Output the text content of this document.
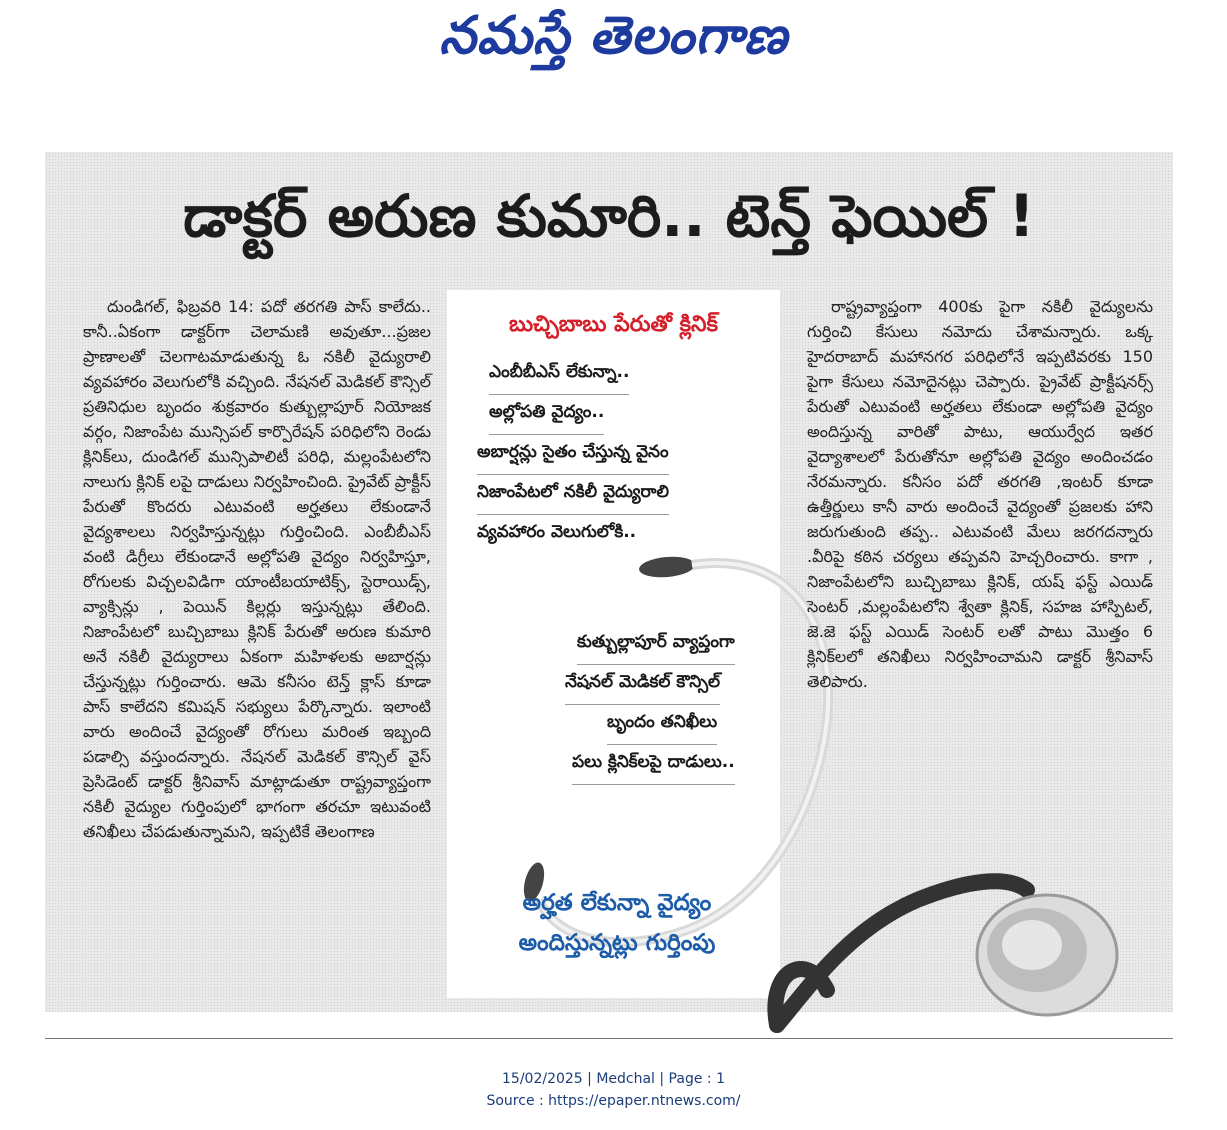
నమస్తే తెలంగాణ
డాక్టర్ అరుణ కుమారి.. టెన్త్ ఫెయిల్ !

దుండిగల్, ఫిబ్రవరి 14: పదో తరగతి పాస్ కాలేదు.. కానీ..ఏకంగా డాక్టర్‌గా చెలామణి అవుతూ...ప్రజల ప్రాణాలతో చెలగాటమాడుతున్న ఓ నకిలీ వైద్యురాలి వ్యవహారం వెలుగులోకి వచ్చింది. నేషనల్ మెడికల్ కౌన్సిల్ ప్రతినిధుల బృందం శుక్రవారం కుత్బుల్లాపూర్ నియోజక వర్గం, నిజాంపేట మున్సిపల్ కార్పొరేషన్ పరిధిలోని రెండు క్లినిక్‌లు, దుండిగల్ మున్సిపాలిటీ పరిధి, మల్లంపేటలోని నాలుగు క్లినిక్ లపై దాడులు నిర్వహించింది. ప్రైవేట్ ప్రాక్టీస్ పేరుతో కొందరు ఎటువంటి అర్హతలు లేకుండానే వైద్యశాలలు నిర్వహిస్తున్నట్లు గుర్తించింది. ఎంబీబీఎస్ వంటి డిగ్రీలు లేకుండానే అల్లోపతి వైద్యం నిర్వహిస్తూ, రోగులకు విచ్చలవిడిగా యాంటీబయాటిక్స్, స్టెరాయిడ్స్, వ్యాక్సిన్లు , పెయిన్ కిల్లర్లు ఇస్తున్నట్లు తేలింది. నిజాంపేటలో బుచ్చిబాబు క్లినిక్ పేరుతో అరుణ కుమారి అనే నకిలీ వైద్యురాలు ఏకంగా మహిళలకు అబార్షన్లు చేస్తున్నట్లు గుర్తించారు. ఆమె కనీసం టెన్త్ క్లాస్ కూడా పాస్ కాలేదని కమిషన్ సభ్యులు పేర్కొన్నారు. ఇలాంటి వారు అందించే వైద్యంతో రోగులు మరింత ఇబ్బంది పడాల్సి వస్తుందన్నారు. నేషనల్ మెడికల్ కౌన్సిల్ వైస్ ప్రెసిడెంట్ డాక్టర్ శ్రీనివాస్ మాట్లాడుతూ రాష్ట్రవ్యాప్తంగా నకిలీ వైద్యుల గుర్తింపులో భాగంగా తరచూ ఇటువంటి తనిఖీలు చేపడుతున్నామని, ఇప్పటికే తెలంగాణ

బుచ్చిబాబు పేరుతో క్లినిక్
ఎంబీబీఎస్ లేకున్నా..
అల్లోపతి వైద్యం..
అబార్షన్లు సైతం చేస్తున్న వైనం
నిజాంపేటలో నకిలీ వైద్యురాలి
వ్యవహారం వెలుగులోకి..
కుత్బుల్లాపూర్ వ్యాప్తంగా
నేషనల్ మెడికల్ కౌన్సిల్
బృందం తనిఖీలు
పలు క్లినిక్‌లపై దాడులు..
అర్హత లేకున్నా వైద్యం
అందిస్తున్నట్లు గుర్తింపు

రాష్ట్రవ్యాప్తంగా 400కు పైగా నకిలీ వైద్యులను గుర్తించి కేసులు నమోదు చేశామన్నారు. ఒక్క హైదరాబాద్ మహానగర పరిధిలోనే ఇప్పటివరకు 150 పైగా కేసులు నమోదైనట్లు చెప్పారు. ప్రైవేట్ ప్రాక్టీషనర్స్ పేరుతో ఎటువంటి అర్హతలు లేకుండా అల్లోపతి వైద్యం అందిస్తున్న వారితో పాటు, ఆయుర్వేద ఇతర వైద్యాశాలలో పేరుతోనూ అల్లోపతి వైద్యం అందించడం నేరమన్నారు. కనీసం పదో తరగతి ,ఇంటర్ కూడా ఉత్తీర్ణులు కానీ వారు అందించే వైద్యంతో ప్రజలకు హాని జరుగుతుంది తప్ప.. ఎటువంటి మేలు జరగదన్నారు .వీరిపై కఠిన చర్యలు తప్పవని హెచ్చరించారు. కాగా , నిజాంపేటలోని బుచ్చిబాబు క్లినిక్, యష్ ఫస్ట్ ఎయిడ్ సెంటర్ ,మల్లంపేటలోని శ్వేతా క్లినిక్, సహజ హాస్పిటల్, జె.జె ఫస్ట్ ఎయిడ్ సెంటర్ లతో పాటు మొత్తం 6 క్లినిక్‌లలో తనిఖీలు నిర్వహించామని డాక్టర్ శ్రీనివాస్ తెలిపారు.

15/02/2025 | Medchal | Page : 1
Source : https://epaper.ntnews.com/
